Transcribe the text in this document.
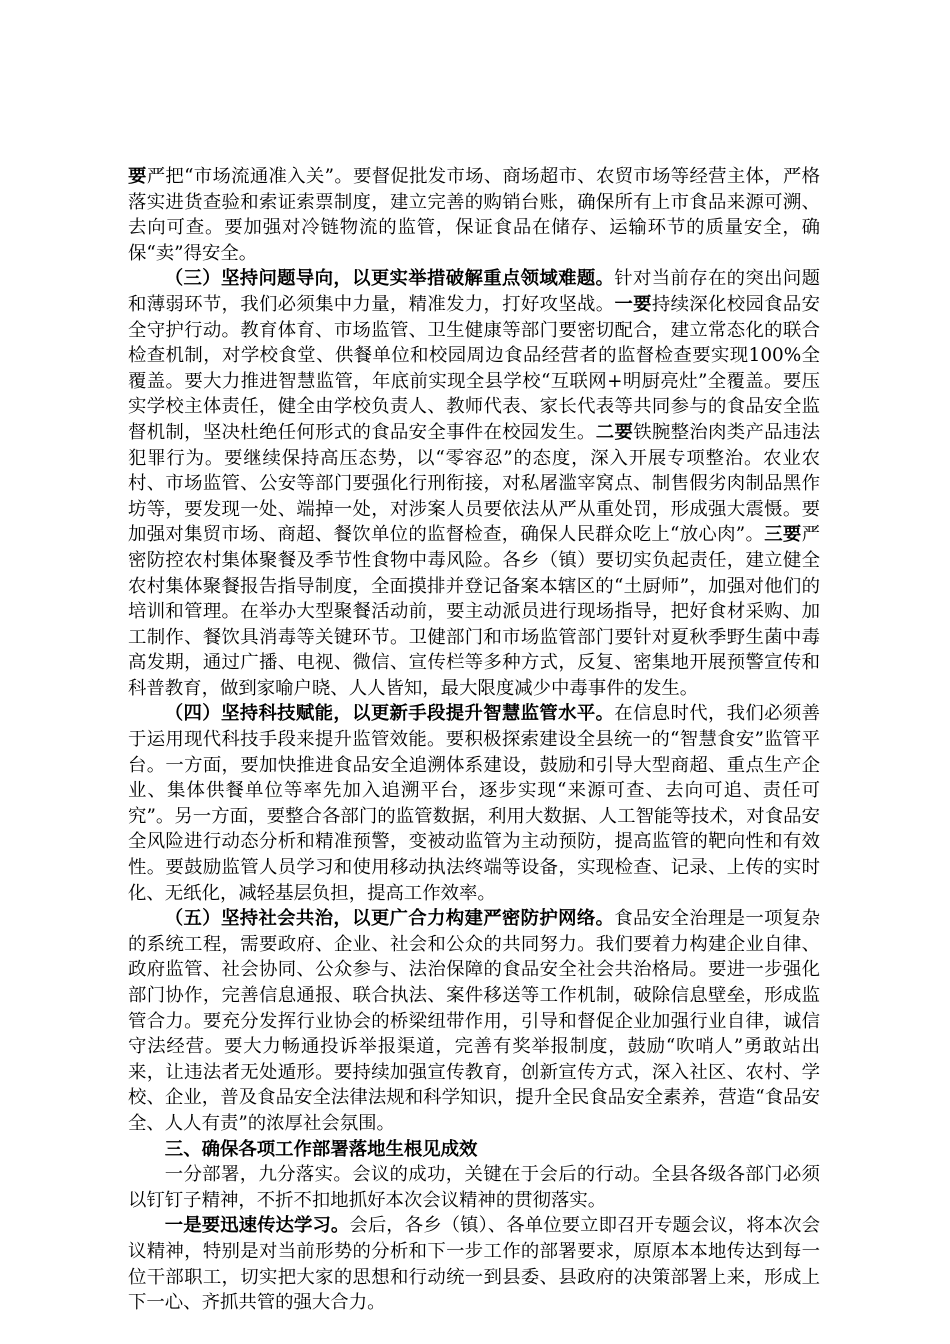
要严把“市场流通准入关”。要督促批发市场、商场超市、农贸市场等经营主体，严格落实进货查验和索证索票制度，建立完善的购销台账，确保所有上市食品来源可溯、去向可查。要加强对冷链物流的监管，保证食品在储存、运输环节的质量安全，确保“卖”得安全。

（三）坚持问题导向，以更实举措破解重点领域难题。针对当前存在的突出问题和薄弱环节，我们必须集中力量，精准发力，打好攻坚战。一要持续深化校园食品安全守护行动。教育体育、市场监管、卫生健康等部门要密切配合，建立常态化的联合检查机制，对学校食堂、供餐单位和校园周边食品经营者的监督检查要实现100%全覆盖。要大力推进智慧监管，年底前实现全县学校“互联网+明厨亮灶”全覆盖。要压实学校主体责任，健全由学校负责人、教师代表、家长代表等共同参与的食品安全监督机制，坚决杜绝任何形式的食品安全事件在校园发生。二要铁腕整治肉类产品违法犯罪行为。要继续保持高压态势，以“零容忍”的态度，深入开展专项整治。农业农村、市场监管、公安等部门要强化行刑衔接，对私屠滥宰窝点、制售假劣肉制品黑作坊等，要发现一处、端掉一处，对涉案人员要依法从严从重处罚，形成强大震慑。要加强对集贸市场、商超、餐饮单位的监督检查，确保人民群众吃上“放心肉”。三要严密防控农村集体聚餐及季节性食物中毒风险。各乡（镇）要切实负起责任，建立健全农村集体聚餐报告指导制度，全面摸排并登记备案本辖区的“土厨师”，加强对他们的培训和管理。在举办大型聚餐活动前，要主动派员进行现场指导，把好食材采购、加工制作、餐饮具消毒等关键环节。卫健部门和市场监管部门要针对夏秋季野生菌中毒高发期，通过广播、电视、微信、宣传栏等多种方式，反复、密集地开展预警宣传和科普教育，做到家喻户晓、人人皆知，最大限度减少中毒事件的发生。

（四）坚持科技赋能，以更新手段提升智慧监管水平。在信息时代，我们必须善于运用现代科技手段来提升监管效能。要积极探索建设全县统一的“智慧食安”监管平台。一方面，要加快推进食品安全追溯体系建设，鼓励和引导大型商超、重点生产企业、集体供餐单位等率先加入追溯平台，逐步实现“来源可查、去向可追、责任可究”。另一方面，要整合各部门的监管数据，利用大数据、人工智能等技术，对食品安全风险进行动态分析和精准预警，变被动监管为主动预防，提高监管的靶向性和有效性。要鼓励监管人员学习和使用移动执法终端等设备，实现检查、记录、上传的实时化、无纸化，减轻基层负担，提高工作效率。

（五）坚持社会共治，以更广合力构建严密防护网络。食品安全治理是一项复杂的系统工程，需要政府、企业、社会和公众的共同努力。我们要着力构建企业自律、政府监管、社会协同、公众参与、法治保障的食品安全社会共治格局。要进一步强化部门协作，完善信息通报、联合执法、案件移送等工作机制，破除信息壁垒，形成监管合力。要充分发挥行业协会的桥梁纽带作用，引导和督促企业加强行业自律，诚信守法经营。要大力畅通投诉举报渠道，完善有奖举报制度，鼓励“吹哨人”勇敢站出来，让违法者无处遁形。要持续加强宣传教育，创新宣传方式，深入社区、农村、学校、企业，普及食品安全法律法规和科学知识，提升全民食品安全素养，营造“食品安全、人人有责”的浓厚社会氛围。

三、确保各项工作部署落地生根见成效

一分部署，九分落实。会议的成功，关键在于会后的行动。全县各级各部门必须以钉钉子精神，不折不扣地抓好本次会议精神的贯彻落实。

一是要迅速传达学习。会后，各乡（镇）、各单位要立即召开专题会议，将本次会议精神，特别是对当前形势的分析和下一步工作的部署要求，原原本本地传达到每一位干部职工，切实把大家的思想和行动统一到县委、县政府的决策部署上来，形成上下一心、齐抓共管的强大合力。
